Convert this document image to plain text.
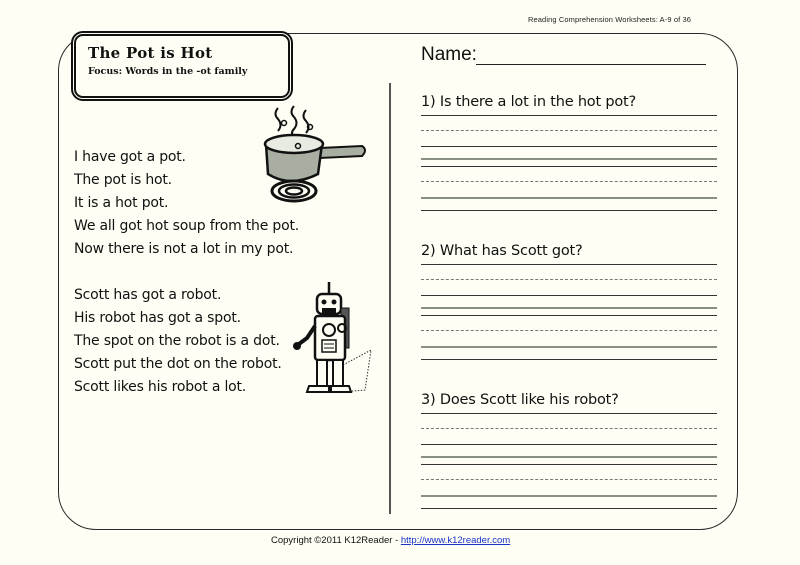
Reading Comprehension Worksheets: A-9 of 36
The Pot is Hot
Focus: Words in the -ot family
I have got a pot.
The pot is hot.
It is a hot pot.
We all got hot soup from the pot.
Now there is not a lot in my pot.
Scott has got a robot.
His robot has got a spot.
The spot on the robot is a dot.
Scott put the dot on the robot.
Scott likes his robot a lot.
Name:
1) Is there a lot in the hot pot?
2) What has Scott got?
3) Does Scott like his robot?
Copyright ©2011 K12Reader - http://www.k12reader.com
